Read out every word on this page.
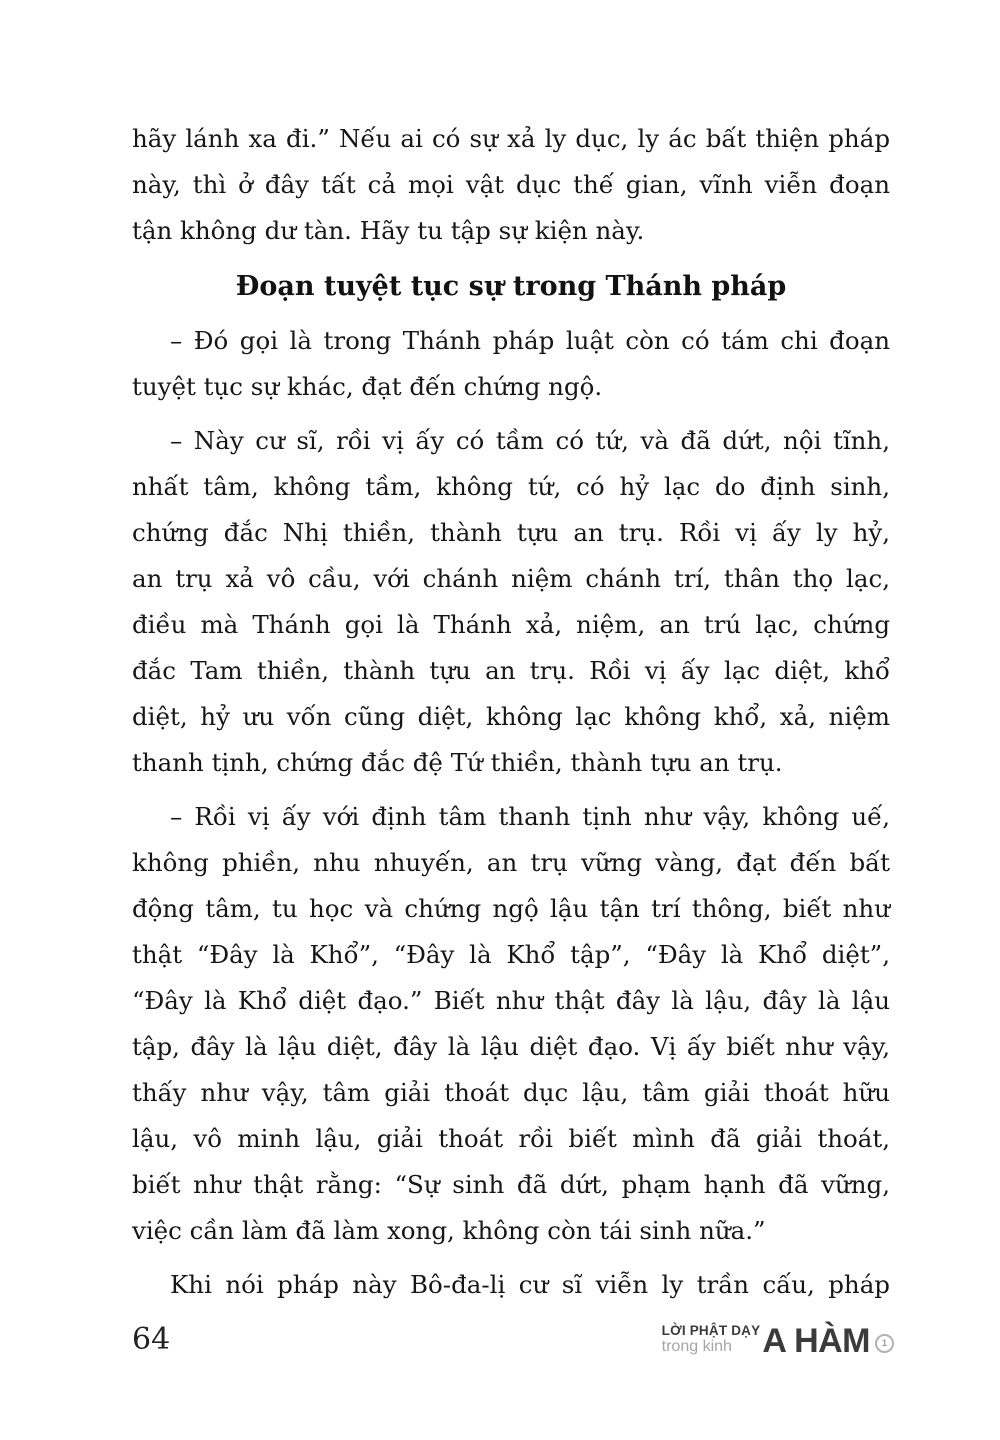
hãy lánh xa đi.” Nếu ai có sự xả ly dục, ly ác bất thiện pháp
này, thì ở đây tất cả mọi vật dục thế gian, vĩnh viễn đoạn
tận không dư tàn. Hãy tu tập sự kiện này.
Đoạn tuyệt tục sự trong Thánh pháp
– Đó gọi là trong Thánh pháp luật còn có tám chi đoạn
tuyệt tục sự khác, đạt đến chứng ngộ.
– Này cư sĩ, rồi vị ấy có tầm có tứ, và đã dứt, nội tĩnh,
nhất tâm, không tầm, không tứ, có hỷ lạc do định sinh,
chứng đắc Nhị thiền, thành tựu an trụ. Rồi vị ấy ly hỷ,
an trụ xả vô cầu, với chánh niệm chánh trí, thân thọ lạc,
điều mà Thánh gọi là Thánh xả, niệm, an trú lạc, chứng
đắc Tam thiền, thành tựu an trụ. Rồi vị ấy lạc diệt, khổ
diệt, hỷ ưu vốn cũng diệt, không lạc không khổ, xả, niệm
thanh tịnh, chứng đắc đệ Tứ thiền, thành tựu an trụ.
– Rồi vị ấy với định tâm thanh tịnh như vậy, không uế,
không phiền, nhu nhuyến, an trụ vững vàng, đạt đến bất
động tâm, tu học và chứng ngộ lậu tận trí thông, biết như
thật “Đây là Khổ”, “Đây là Khổ tập”, “Đây là Khổ diệt”,
“Đây là Khổ diệt đạo.” Biết như thật đây là lậu, đây là lậu
tập, đây là lậu diệt, đây là lậu diệt đạo. Vị ấy biết như vậy,
thấy như vậy, tâm giải thoát dục lậu, tâm giải thoát hữu
lậu, vô minh lậu, giải thoát rồi biết mình đã giải thoát,
biết như thật rằng: “Sự sinh đã dứt, phạm hạnh đã vững,
việc cần làm đã làm xong, không còn tái sinh nữa.”
Khi nói pháp này Bô-đa-lị cư sĩ viễn ly trần cấu, pháp
64	LỜI PHẬT DẠY
trong kinh A HÀM	1
